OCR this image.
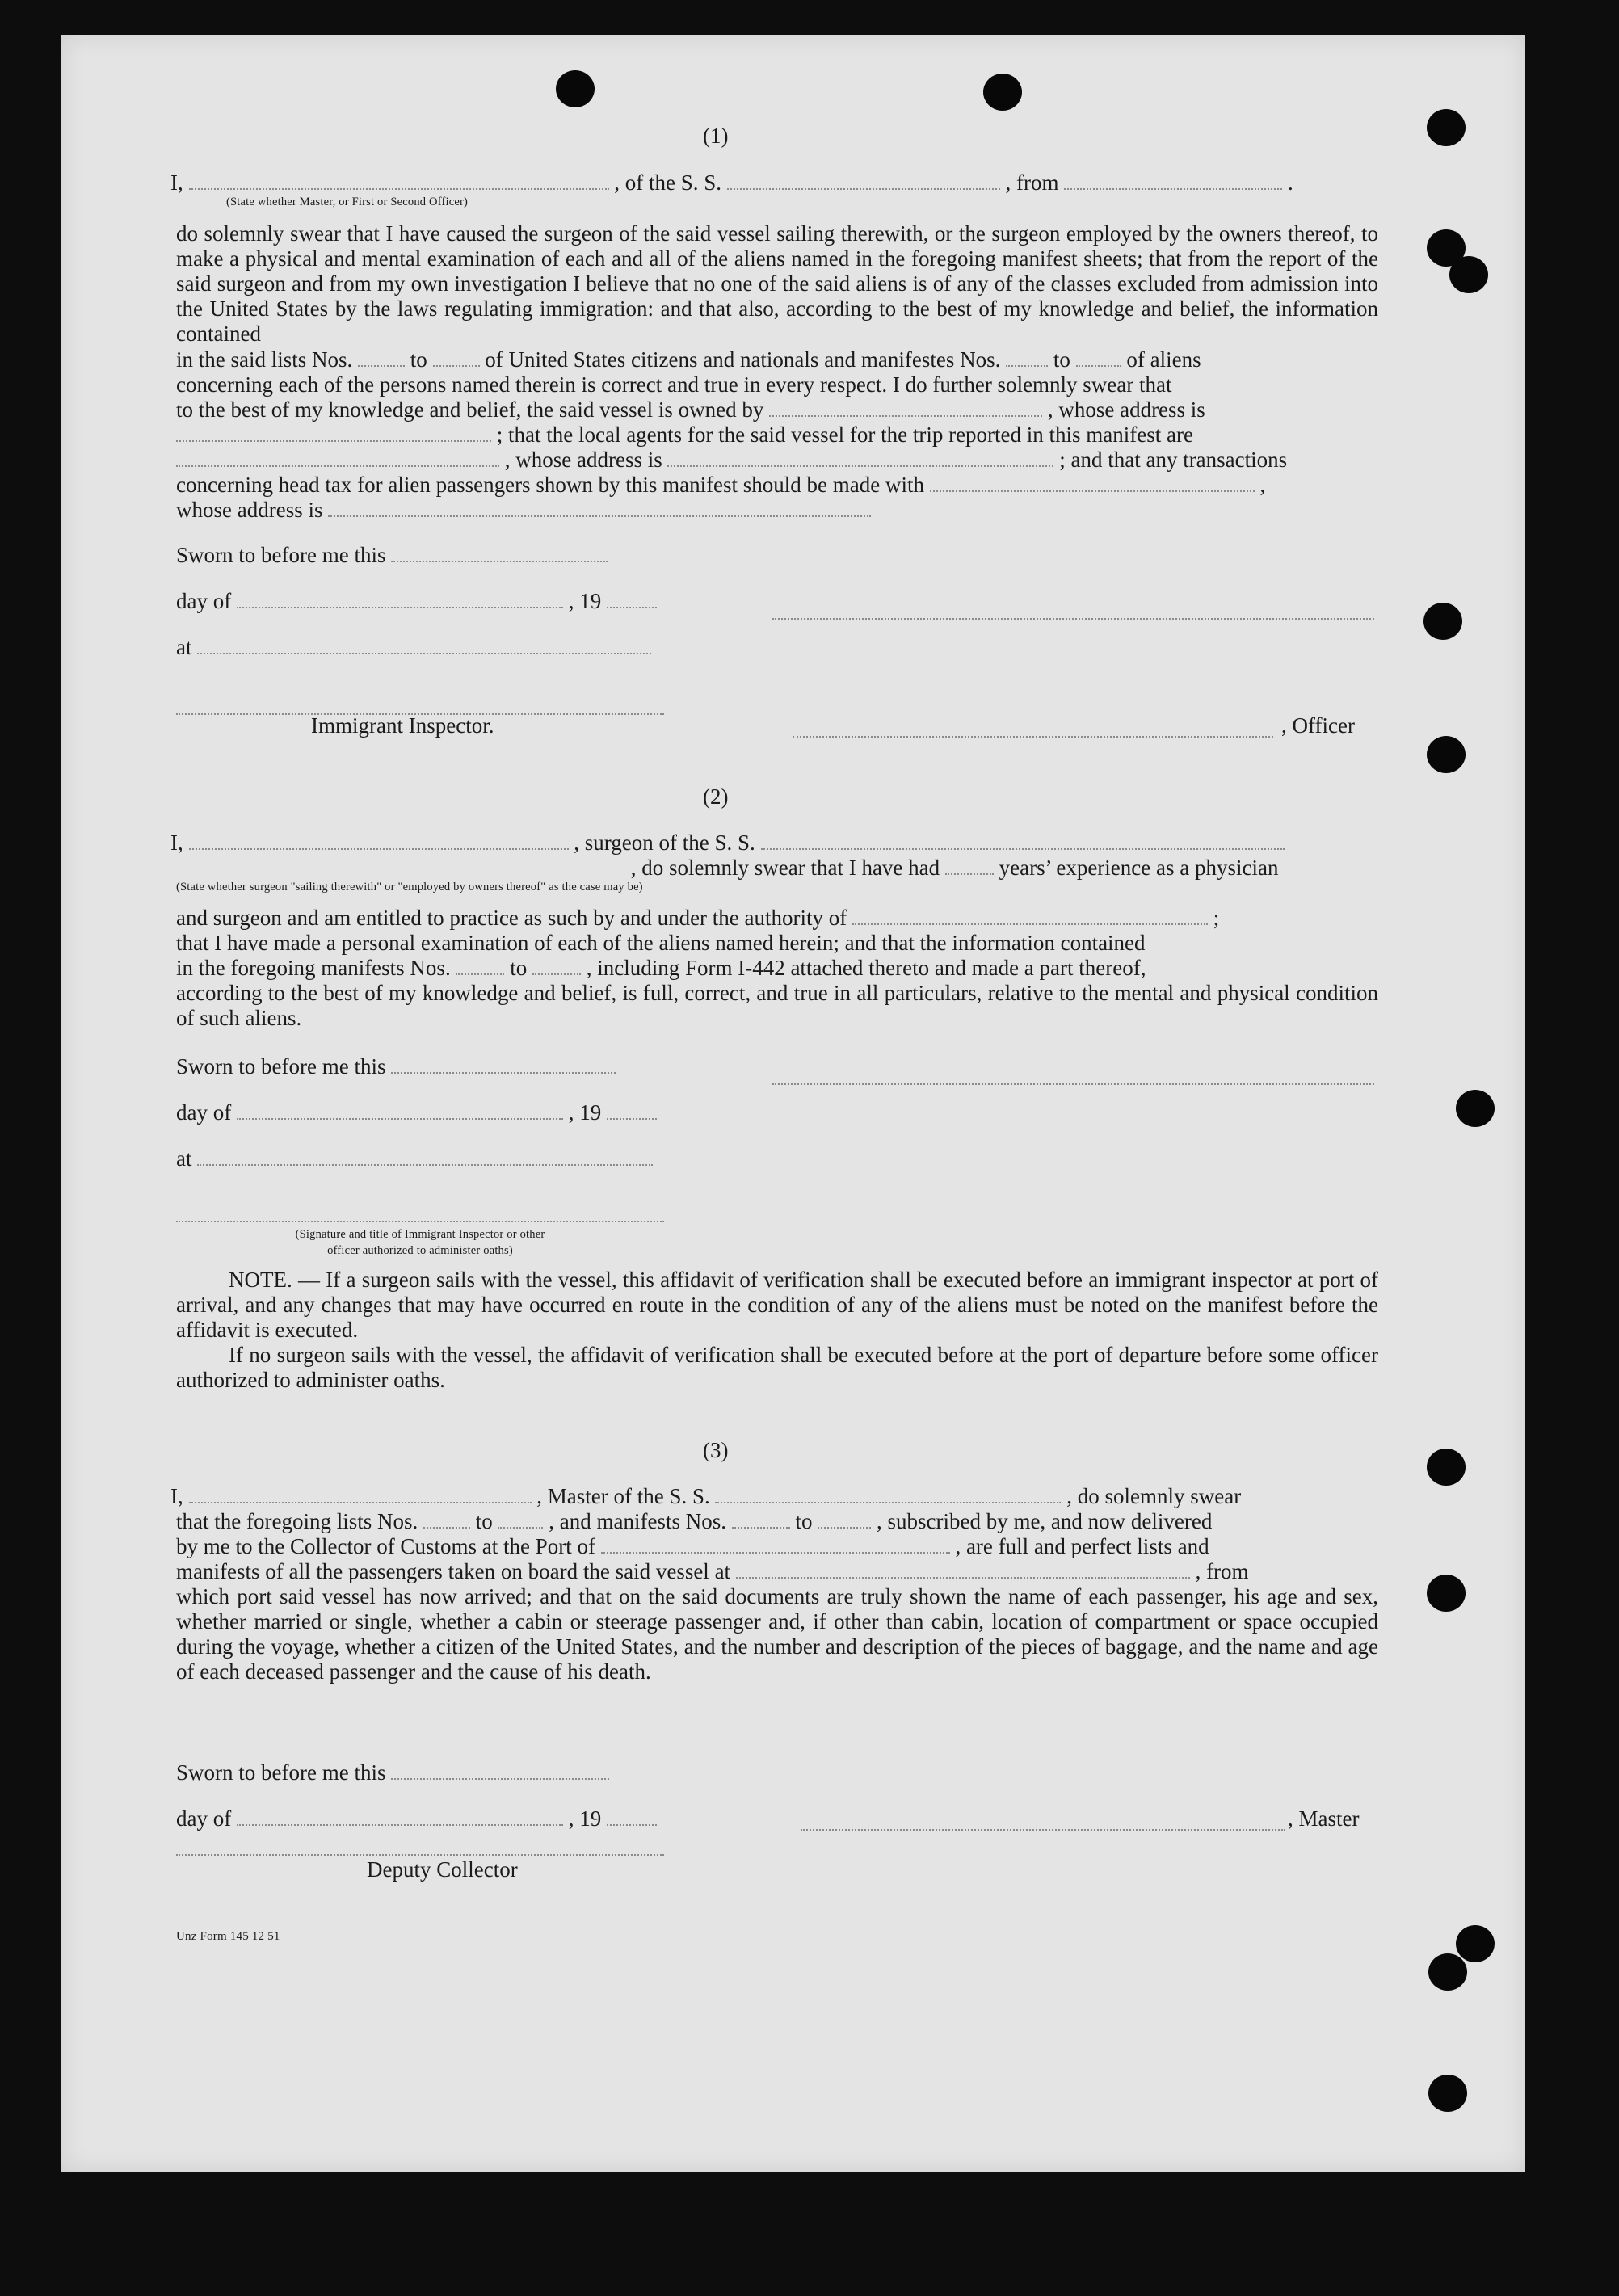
(1)
I,	, of the S. S.	, from	.
(State whether Master, or First or Second Officer)
do solemnly swear that I have caused the surgeon of the said vessel sailing therewith, or the surgeon employed by the owners thereof, to make a physical and mental examination of each and all of the aliens named in the foregoing manifest sheets; that from the report of the said surgeon and from my own investigation I believe that no one of the said aliens is of any of the classes excluded from admission into the United States by the laws regulating immigration: and that also, according to the best of my knowledge and belief, the information contained
in the said lists Nos.	to	of United States citizens and nationals and manifestes Nos. to	of aliens
concerning each of the persons named therein is correct and true in every respect. I do further solemnly swear that
to the best of my knowledge and belief, the said vessel is owned by	, whose address is
; that the local agents for the said vessel for the trip reported in this manifest are
, whose address is	; and that any transactions
concerning head tax for alien passengers shown by this manifest should be made with	,
whose address is
Sworn to before me this
day of	, 19
at
Immigrant Inspector.	, Officer
(2)
I,	, surgeon of the S. S.
, do solemnly swear that I have had	years’ experience as a physician
(State whether surgeon "sailing therewith" or "employed by owners thereof" as the case may be)
and surgeon and am entitled to practice as such by and under the authority of	;
that I have made a personal examination of each of the aliens named herein; and that the information contained
in the foregoing manifests Nos.	to	, including Form I-442 attached thereto and made a part thereof,
according to the best of my knowledge and belief, is full, correct, and true in all particulars, relative to the mental and physical condition of such aliens.
Sworn to before me this
day of	, 19
at
(Signature and title of Immigrant Inspector or other
officer authorized to administer oaths)
NOTE. — If a surgeon sails with the vessel, this affidavit of verification shall be executed before an immigrant inspector at port of arrival, and any changes that may have occurred en route in the condition of any of the aliens must be noted on the manifest before the affidavit is executed.
If no surgeon sails with the vessel, the affidavit of verification shall be executed before at the port of departure before some officer authorized to administer oaths.
(3)
I,	, Master of the S. S.	, do solemnly swear
that the foregoing lists Nos.	to	, and manifests Nos.	to	, subscribed by me, and now delivered
by me to the Collector of Customs at the Port of	, are full and perfect lists and
manifests of all the passengers taken on board the said vessel at	, from
which port said vessel has now arrived; and that on the said documents are truly shown the name of each passenger, his age and sex, whether married or single, whether a cabin or steerage passenger and, if other than cabin, location of compartment or space occupied during the voyage, whether a citizen of the United States, and the number and description of the pieces of baggage, and the name and age of each deceased passenger and the cause of his death.
Sworn to before me this
day of	, 19	, Master
Deputy Collector
Unz Form 145 12 51
